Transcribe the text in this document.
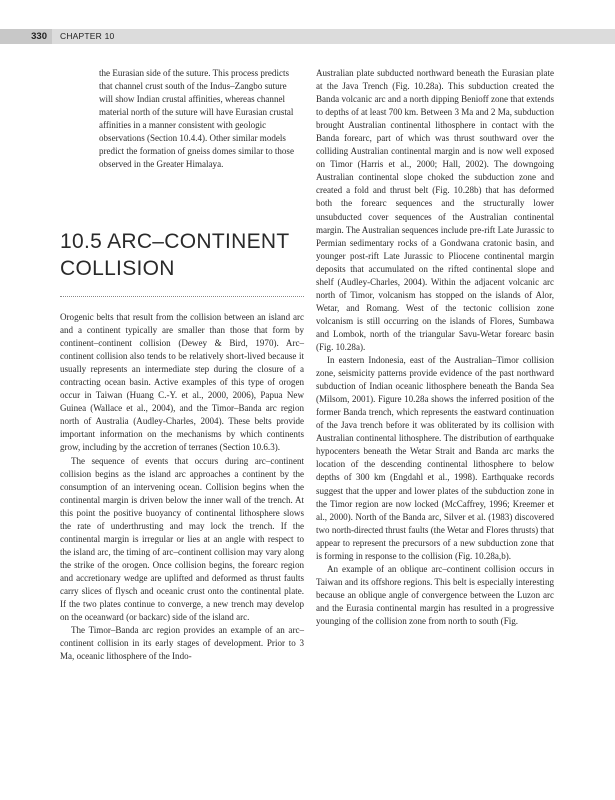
330	CHAPTER 10

the Eurasian side of the suture. This process predicts that channel crust south of the Indus–Zangbo suture will show Indian crustal affinities, whereas channel material north of the suture will have Eurasian crustal affinities in a manner consistent with geologic observations (Section 10.4.4). Other similar models predict the formation of gneiss domes similar to those observed in the Greater Himalaya.

10.5 ARC–CONTINENT COLLISION

Orogenic belts that result from the collision between an island arc and a continent typically are smaller than those that form by continent–continent collision (Dewey & Bird, 1970). Arc–continent collision also tends to be relatively short-lived because it usually represents an intermediate step during the closure of a contracting ocean basin. Active examples of this type of orogen occur in Taiwan (Huang C.-Y. et al., 2000, 2006), Papua New Guinea (Wallace et al., 2004), and the Timor–Banda arc region north of Australia (Audley-Charles, 2004). These belts provide important information on the mechanisms by which continents grow, including by the accretion of terranes (Section 10.6.3).

The sequence of events that occurs during arc–continent collision begins as the island arc approaches a continent by the consumption of an intervening ocean. Collision begins when the continental margin is driven below the inner wall of the trench. At this point the positive buoyancy of continental lithosphere slows the rate of underthrusting and may lock the trench. If the continental margin is irregular or lies at an angle with respect to the island arc, the timing of arc–continent collision may vary along the strike of the orogen. Once collision begins, the forearc region and accretionary wedge are uplifted and deformed as thrust faults carry slices of flysch and oceanic crust onto the continental plate. If the two plates continue to converge, a new trench may develop on the oceanward (or backarc) side of the island arc.

The Timor–Banda arc region provides an example of an arc–continent collision in its early stages of development. Prior to 3 Ma, oceanic lithosphere of the Indo-

Australian plate subducted northward beneath the Eurasian plate at the Java Trench (Fig. 10.28a). This subduction created the Banda volcanic arc and a north dipping Benioff zone that extends to depths of at least 700 km. Between 3 Ma and 2 Ma, subduction brought Australian continental lithosphere in contact with the Banda forearc, part of which was thrust southward over the colliding Australian continental margin and is now well exposed on Timor (Harris et al., 2000; Hall, 2002). The downgoing Australian continental slope choked the subduction zone and created a fold and thrust belt (Fig. 10.28b) that has deformed both the forearc sequences and the structurally lower unsubducted cover sequences of the Australian continental margin. The Australian sequences include pre-rift Late Jurassic to Permian sedimentary rocks of a Gondwana cratonic basin, and younger post-rift Late Jurassic to Pliocene continental margin deposits that accumulated on the rifted continental slope and shelf (Audley-Charles, 2004). Within the adjacent volcanic arc north of Timor, volcanism has stopped on the islands of Alor, Wetar, and Romang. West of the tectonic collision zone volcanism is still occurring on the islands of Flores, Sumbawa and Lombok, north of the triangular Savu-Wetar forearc basin (Fig. 10.28a).

In eastern Indonesia, east of the Australian–Timor collision zone, seismicity patterns provide evidence of the past northward subduction of Indian oceanic lithosphere beneath the Banda Sea (Milsom, 2001). Figure 10.28a shows the inferred position of the former Banda trench, which represents the eastward continuation of the Java trench before it was obliterated by its collision with Australian continental lithosphere. The distribution of earthquake hypocenters beneath the Wetar Strait and Banda arc marks the location of the descending continental lithosphere to below depths of 300 km (Engdahl et al., 1998). Earthquake records suggest that the upper and lower plates of the subduction zone in the Timor region are now locked (McCaffrey, 1996; Kreemer et al., 2000). North of the Banda arc, Silver et al. (1983) discovered two north-directed thrust faults (the Wetar and Flores thrusts) that appear to represent the precursors of a new subduction zone that is forming in response to the collision (Fig. 10.28a,b).

An example of an oblique arc–continent collision occurs in Taiwan and its offshore regions. This belt is especially interesting because an oblique angle of convergence between the Luzon arc and the Eurasia continental margin has resulted in a progressive younging of the collision zone from north to south (Fig.
